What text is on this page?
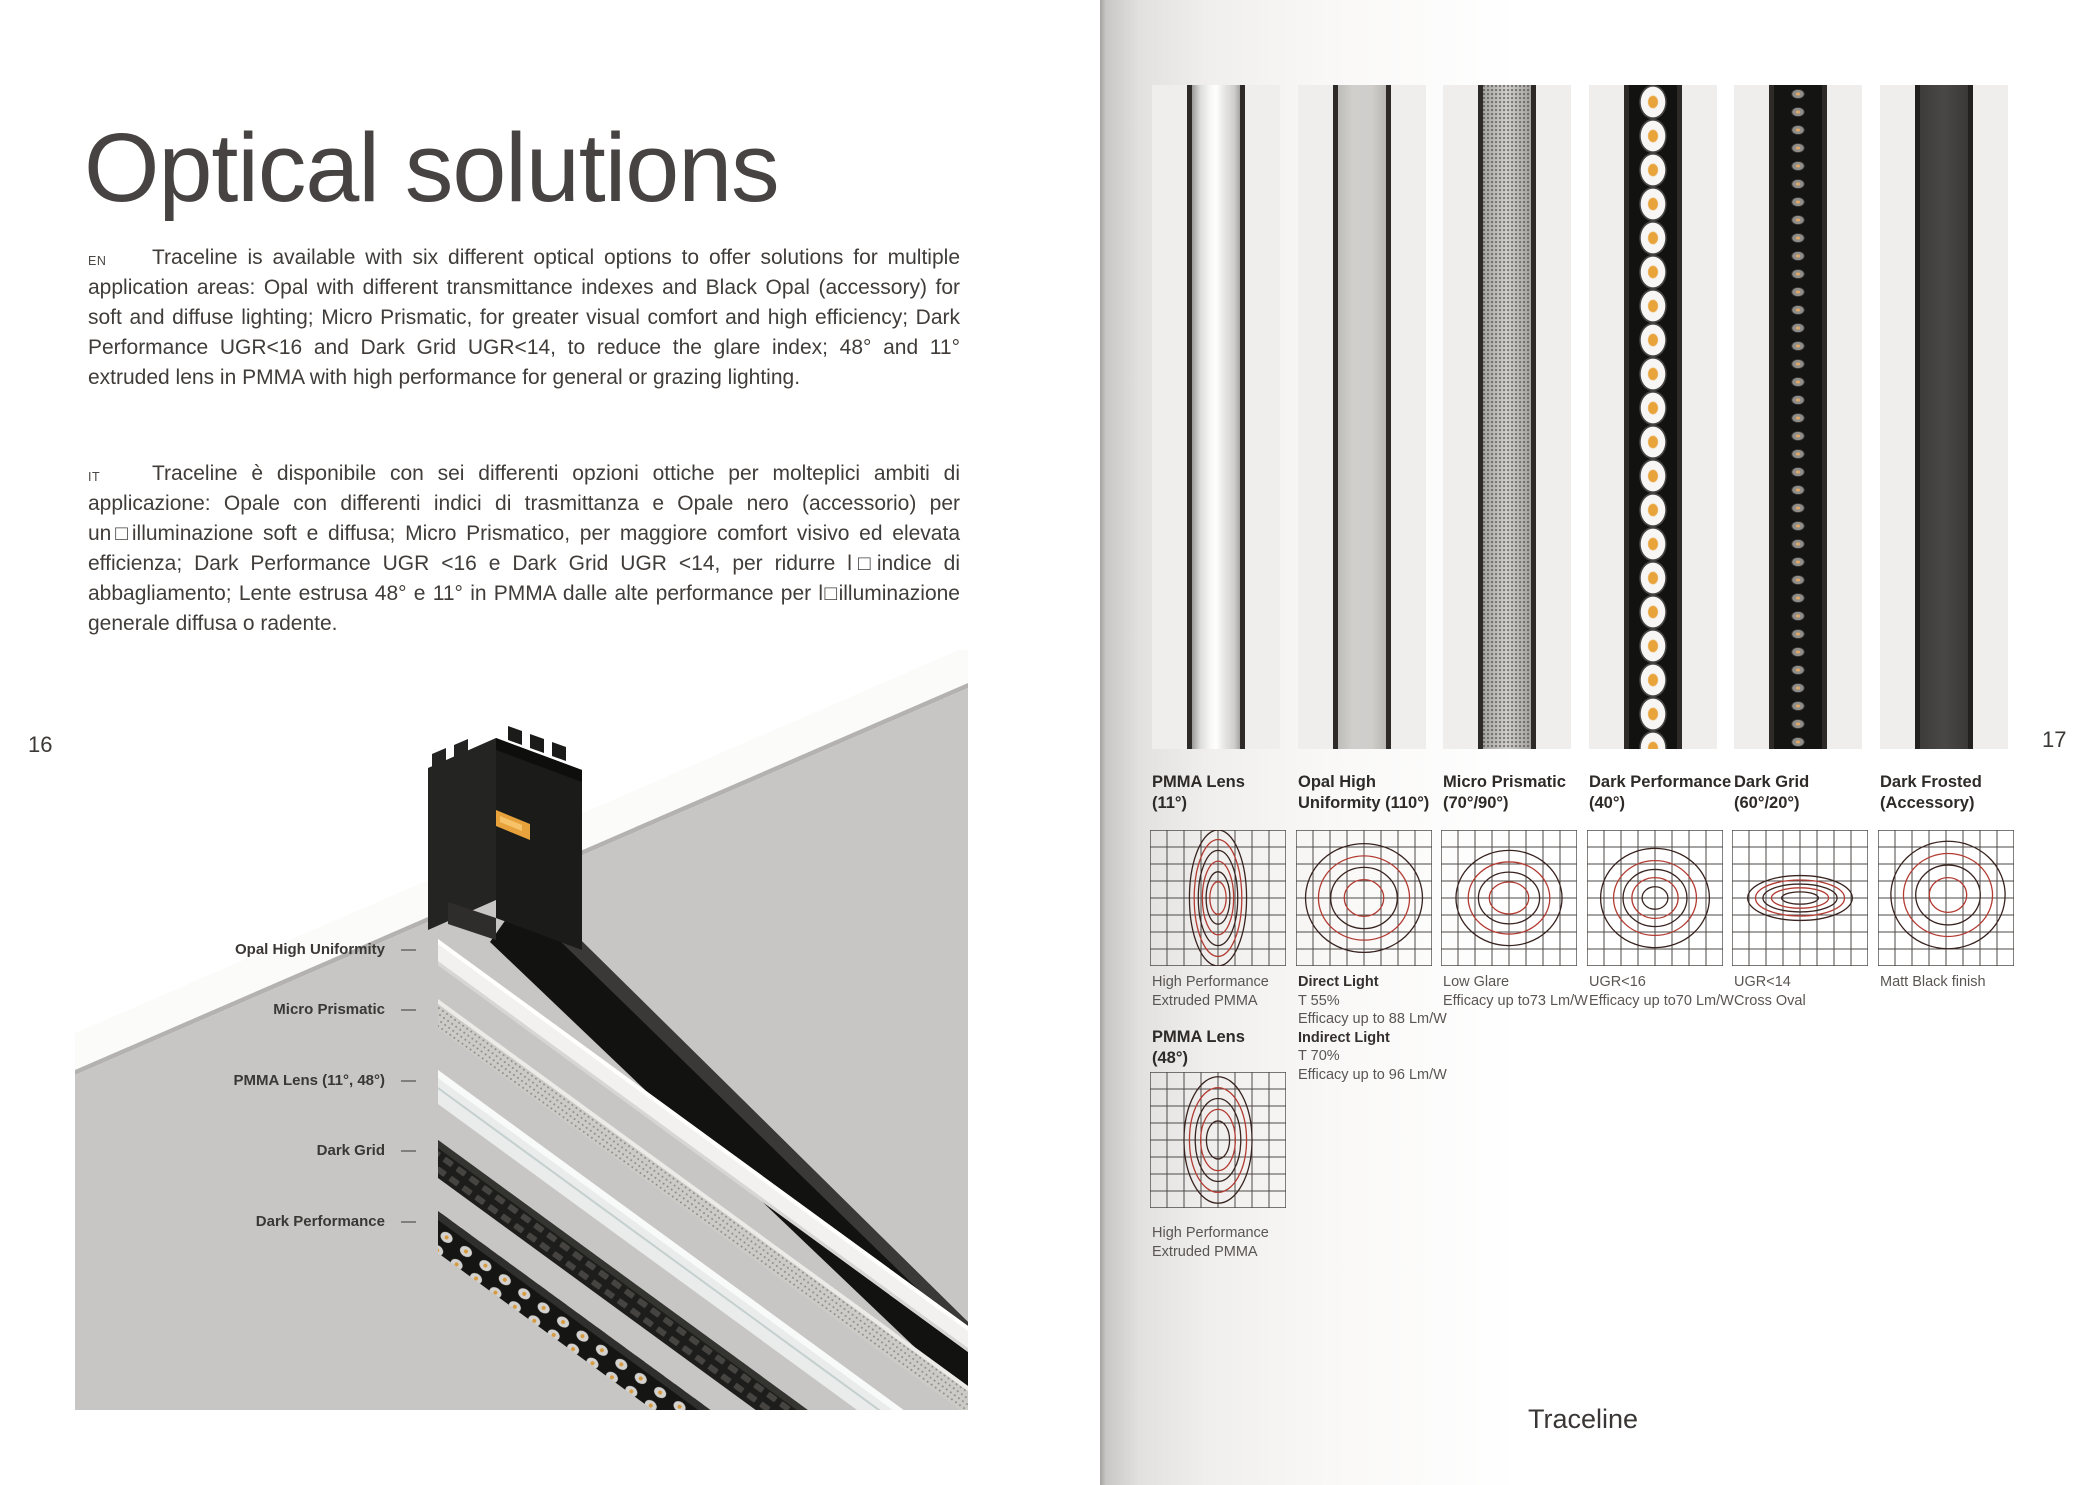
Optical solutions

EN Traceline is available with six different optical options to offer solutions for multiple application areas: Opal with different transmittance indexes and Black Opal (accessory) for soft and diffuse lighting; Micro Prismatic, for greater visual comfort and high efficiency; Dark Performance UGR<16 and Dark Grid UGR<14, to reduce the glare index; 48° and 11° extruded lens in PMMA with high performance for general or grazing lighting.

IT Traceline è disponibile con sei differenti opzioni ottiche per molteplici ambiti di applicazione: Opale con differenti indici di trasmittanza e Opale nero (accessorio) per un□illuminazione soft e diffusa; Micro Prismatico, per maggiore comfort visivo ed elevata efficienza; Dark Performance UGR <16 e Dark Grid UGR <14, per ridurre l□indice di abbagliamento; Lente estrusa 48° e 11° in PMMA dalle alte performance per l□illuminazione generale diffusa o radente.

16
Opal High Uniformity —
Micro Prismatic —
PMMA Lens (11°, 48°) —
Dark Grid —
Dark Performance —
PMMA Lens
(11°)
High Performance
Extruded PMMA
PMMA Lens
(48°)
High Performance
Extruded PMMA
Opal High
Uniformity (110°)
Direct Light
T 55%
Efficacy up to 88 Lm/W
Indirect Light
T 70%
Efficacy up to 96 Lm/W
Micro Prismatic
(70°/90°)
Low Glare
Efficacy up to73 Lm/W
Dark Performance
(40°)
UGR<16
Efficacy up to70 Lm/W
Dark Grid
(60°/20°)
UGR<14
Cross Oval
Dark Frosted
(Accessory)
Matt Black finish
17
Traceline
